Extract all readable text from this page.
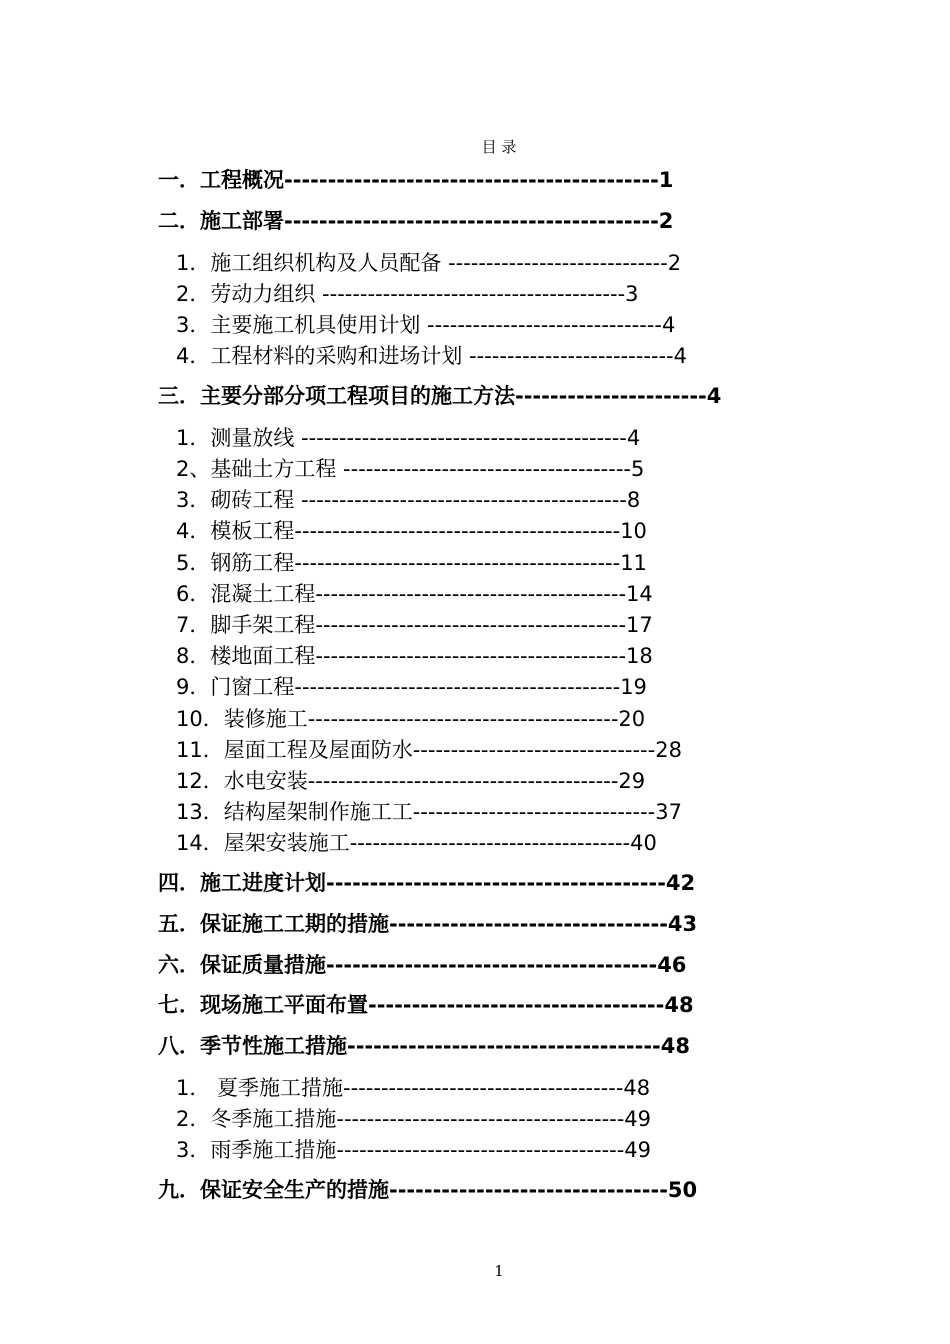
目 录
一．工程概况-------------------------------------------1
二．施工部署-------------------------------------------2
1．施工组织机构及人员配备 -----------------------------2
2．劳动力组织 ----------------------------------------3
3．主要施工机具使用计划 -------------------------------4
4．工程材料的采购和进场计划 ---------------------------4
三．主要分部分项工程项目的施工方法----------------------4
1．测量放线 -------------------------------------------4
2、基础土方工程 --------------------------------------5
3．砌砖工程 -------------------------------------------8
4．模板工程-------------------------------------------10
5．钢筋工程-------------------------------------------11
6．混凝土工程-----------------------------------------14
7．脚手架工程-----------------------------------------17
8．楼地面工程-----------------------------------------18
9．门窗工程-------------------------------------------19
10．装修施工-----------------------------------------20
11．屋面工程及屋面防水--------------------------------28
12．水电安装-----------------------------------------29
13．结构屋架制作施工工--------------------------------37
14．屋架安装施工-------------------------------------40
四．施工进度计划---------------------------------------42
五．保证施工工期的措施--------------------------------43
六．保证质量措施--------------------------------------46
七．现场施工平面布置----------------------------------48
八．季节性施工措施------------------------------------48
1． 夏季施工措施-------------------------------------48
2．冬季施工措施--------------------------------------49
3．雨季施工措施--------------------------------------49
九．保证安全生产的措施--------------------------------50
1
